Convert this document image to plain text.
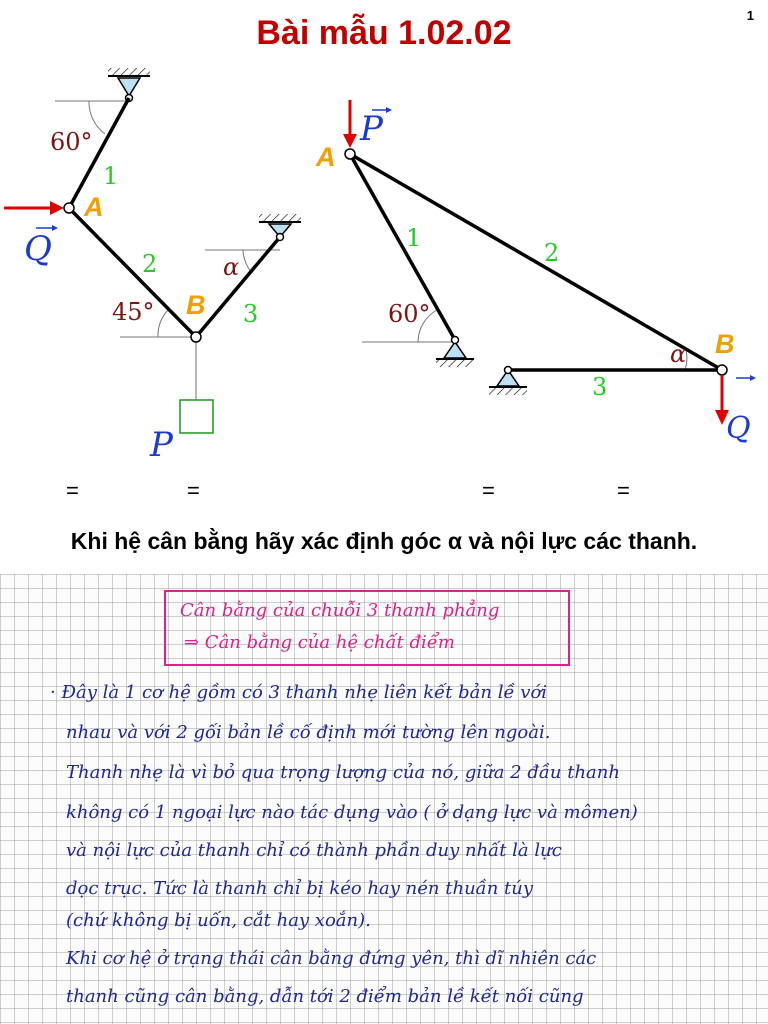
1
Bài mẫu 1.02.02
60°
1
A
Q	2	α
45° B 3
P
P
A
1
2
60°
α B
3
Q
=	=	=	=
Khi hệ cân bằng hãy xác định góc α và nội lực các thanh.
Cân bằng của chuỗi 3 thanh phẳng
⇒ Cân bằng của hệ chất điểm
· Đây là 1 cơ hệ gồm có 3 thanh nhẹ liên kết bản lề với
nhau và với 2 gối bản lề cố định mới tường lên ngoài.
Thanh nhẹ là vì bỏ qua trọng lượng của nó, giữa 2 đầu thanh
không có 1 ngoại lực nào tác dụng vào ( ở dạng lực và mômen)
và nội lực của thanh chỉ có thành phần duy nhất là lực
dọc trục. Tức là thanh chỉ bị kéo hay nén thuần túy
(chứ không bị uốn, cắt hay xoắn).
Khi cơ hệ ở trạng thái cân bằng đứng yên, thì dĩ nhiên các
thanh cũng cân bằng, dẫn tới 2 điểm bản lề kết nối cũng
